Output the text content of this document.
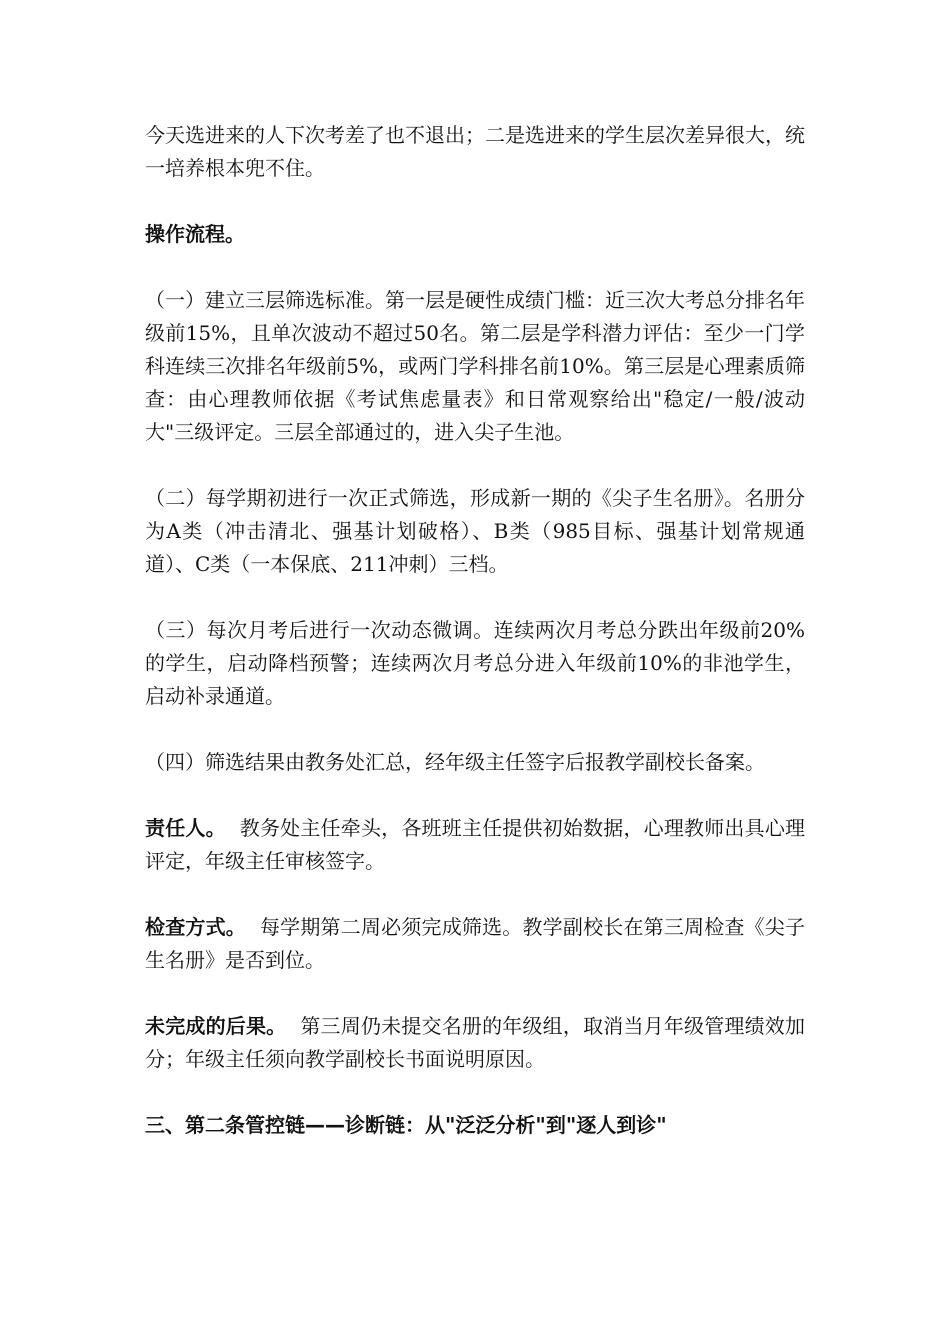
今天选进来的人下次考差了也不退出；二是选进来的学生层次差异很大，统一培养根本兜不住。

操作流程。

（一）建立三层筛选标准。第一层是硬性成绩门槛：近三次大考总分排名年级前15%，且单次波动不超过50名。第二层是学科潜力评估：至少一门学科连续三次排名年级前5%，或两门学科排名前10%。第三层是心理素质筛查：由心理教师依据《考试焦虑量表》和日常观察给出"稳定/一般/波动大"三级评定。三层全部通过的，进入尖子生池。

（二）每学期初进行一次正式筛选，形成新一期的《尖子生名册》。名册分为A类（冲击清北、强基计划破格）、B类（985目标、强基计划常规通道）、C类（一本保底、211冲刺）三档。

（三）每次月考后进行一次动态微调。连续两次月考总分跌出年级前20%的学生，启动降档预警；连续两次月考总分进入年级前10%的非池学生，启动补录通道。

（四）筛选结果由教务处汇总，经年级主任签字后报教学副校长备案。

责任人。 教务处主任牵头，各班班主任提供初始数据，心理教师出具心理评定，年级主任审核签字。

检查方式。 每学期第二周必须完成筛选。教学副校长在第三周检查《尖子生名册》是否到位。

未完成的后果。 第三周仍未提交名册的年级组，取消当月年级管理绩效加分；年级主任须向教学副校长书面说明原因。

三、第二条管控链——诊断链：从"泛泛分析"到"逐人到诊"
